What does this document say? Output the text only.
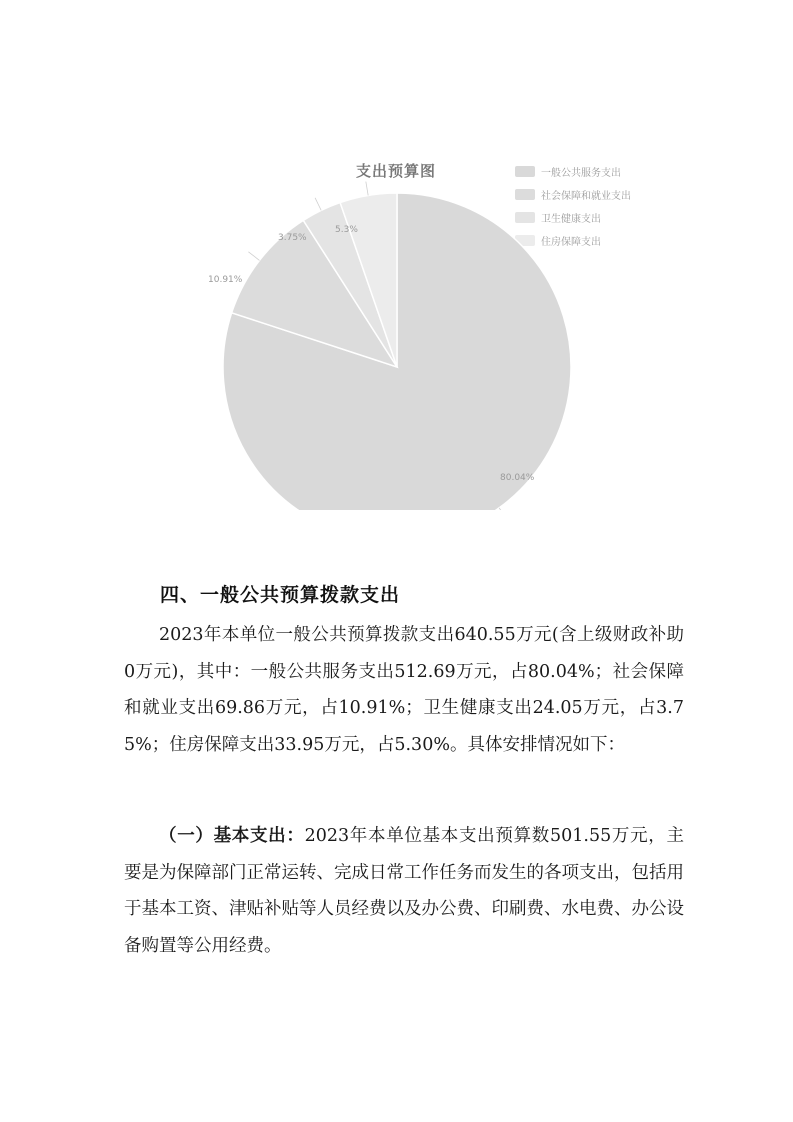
支出预算图	一般公共服务支出
社会保障和就业支出
卫生健康支出
住房保障支出
80.04%
10.91%
3.75%
5.3%
四、一般公共预算拨款支出

2023年本单位一般公共预算拨款支出640.55万元(含上级财政补助0万元)，其中：一般公共服务支出512.69万元，占80.04%；社会保障和就业支出69.86万元，占10.91%；卫生健康支出24.05万元，占3.75%；住房保障支出33.95万元，占5.30%。具体安排情况如下：

（一）基本支出：2023年本单位基本支出预算数501.55万元，主要是为保障部门正常运转、完成日常工作任务而发生的各项支出，包括用于基本工资、津贴补贴等人员经费以及办公费、印刷费、水电费、办公设备购置等公用经费。
